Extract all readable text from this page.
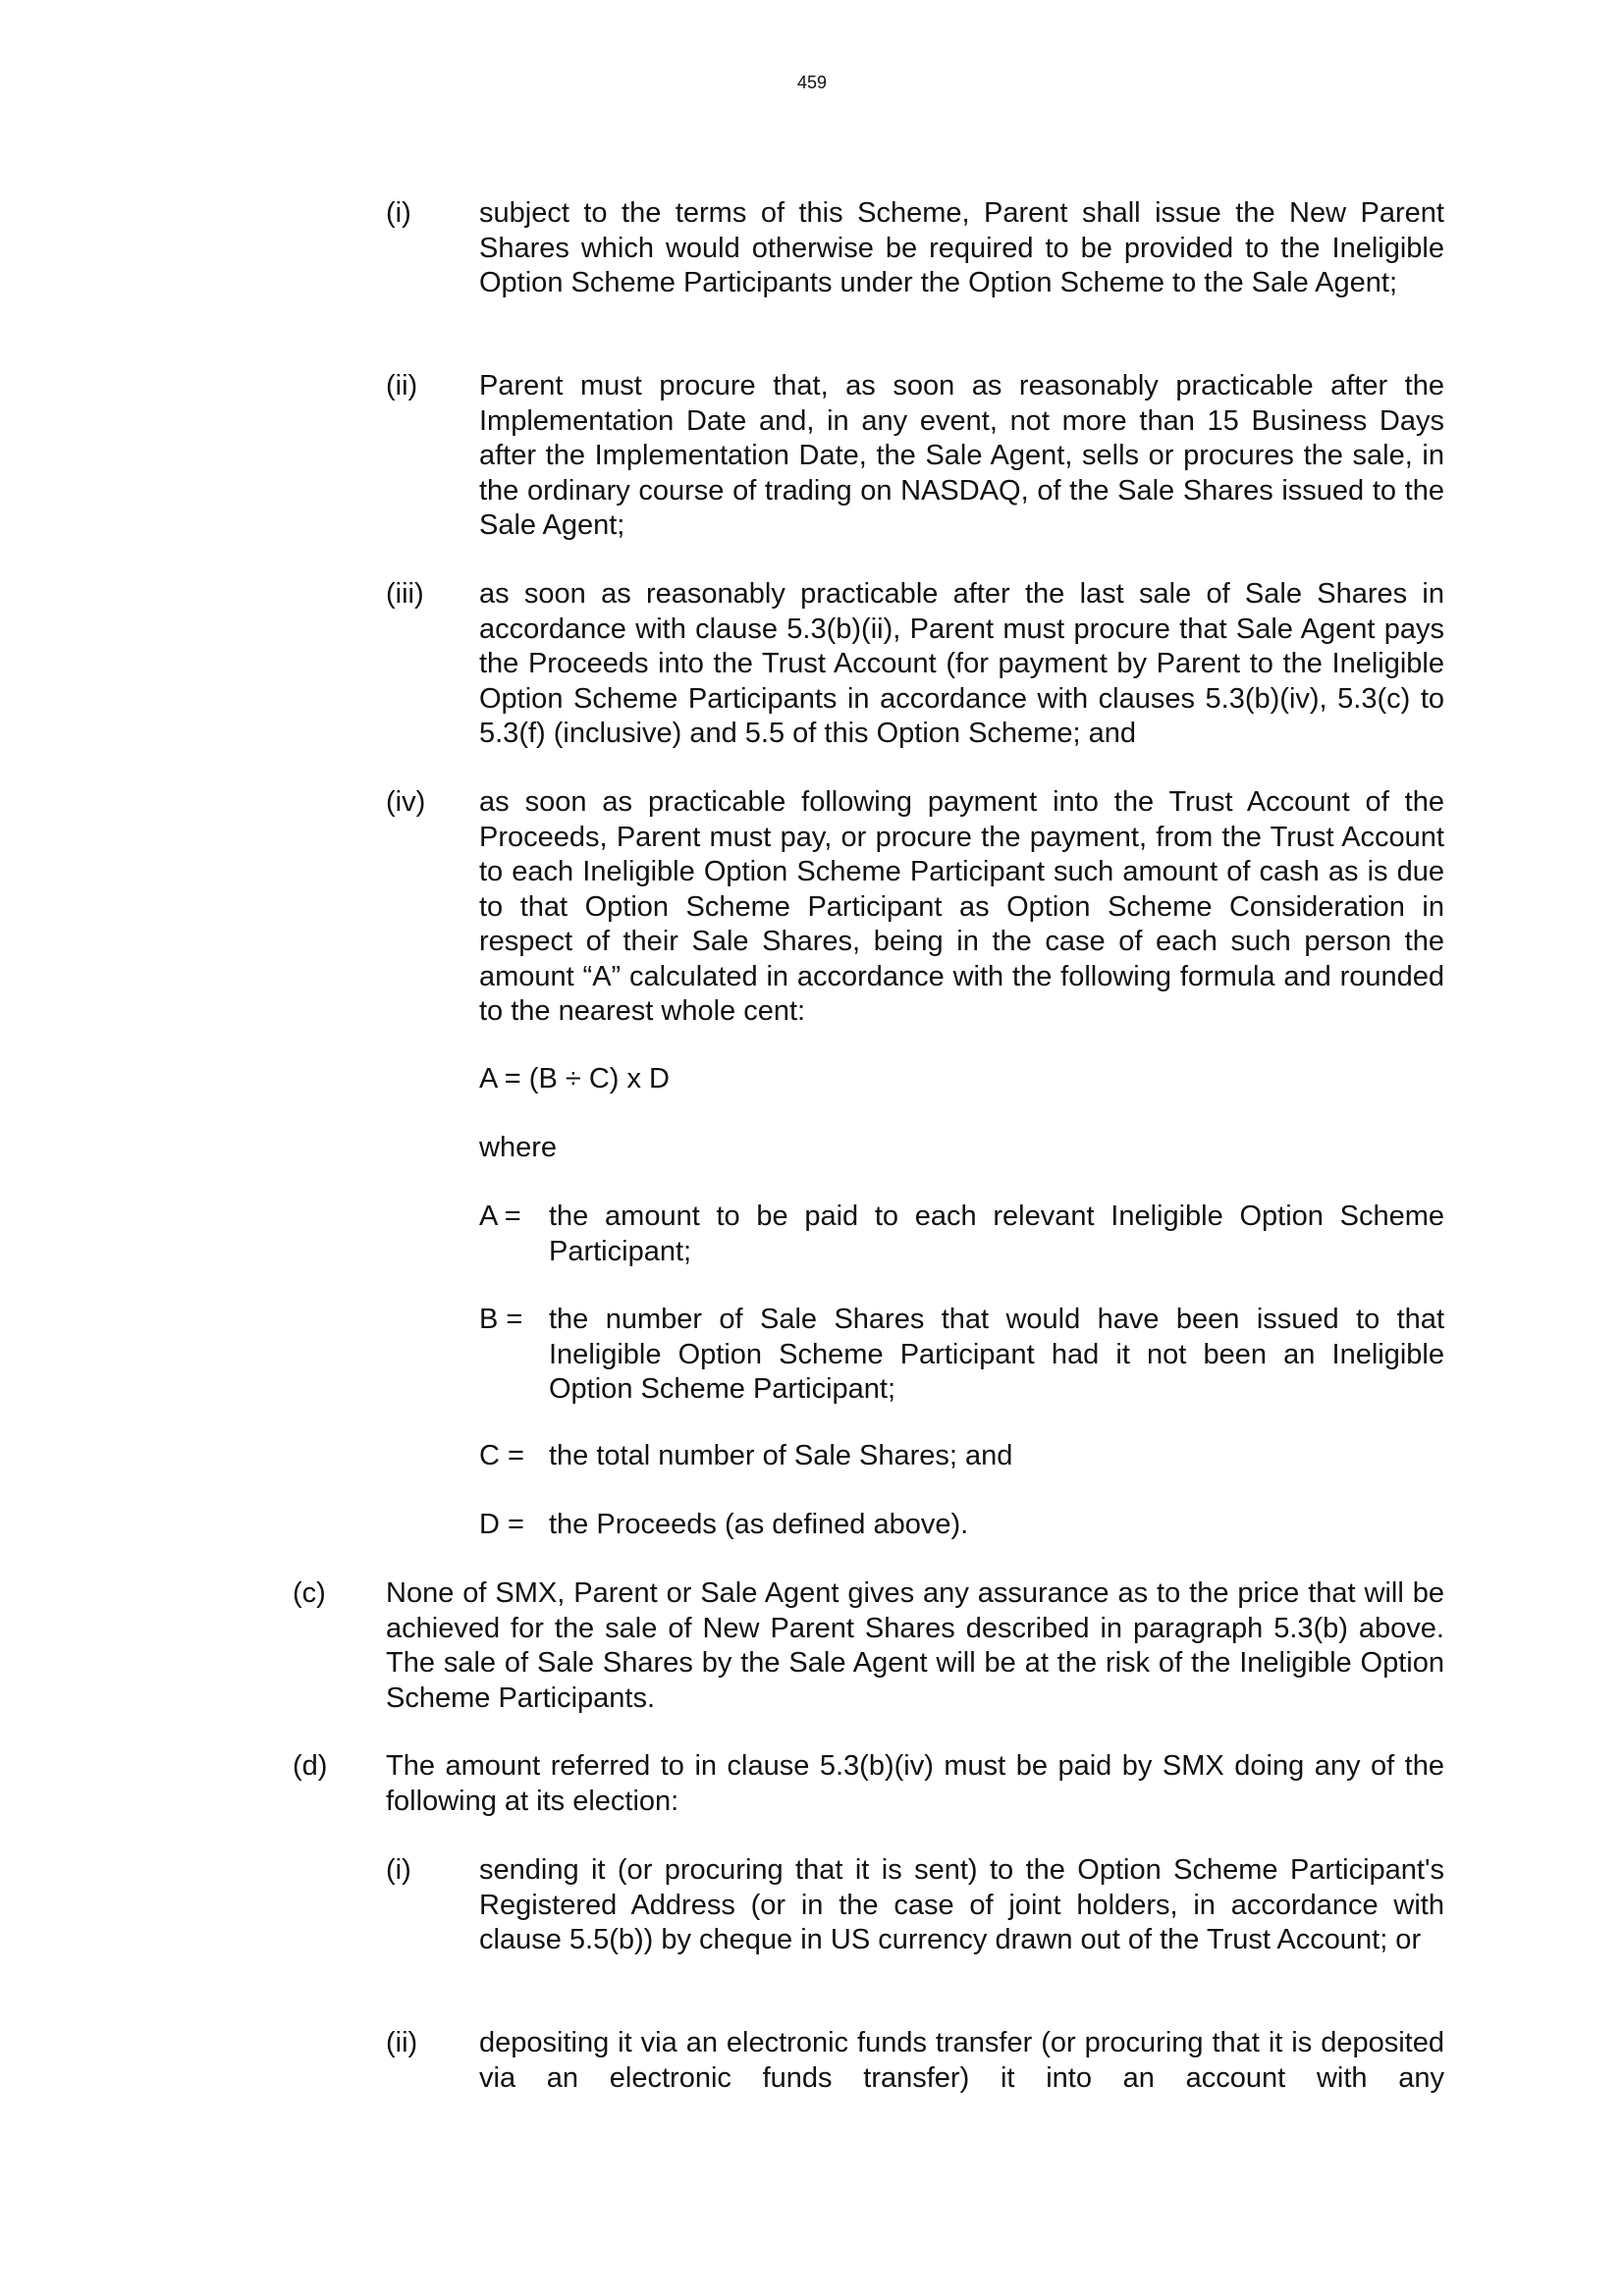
459
(i) subject to the terms of this Scheme, Parent shall issue the New Parent Shares which would otherwise be required to be provided to the Ineligible Option Scheme Participants under the Option Scheme to the Sale Agent;
(ii) Parent must procure that, as soon as reasonably practicable after the Implementation Date and, in any event, not more than 15 Business Days after the Implementation Date, the Sale Agent, sells or procures the sale, in the ordinary course of trading on NASDAQ, of the Sale Shares issued to the Sale Agent;
(iii) as soon as reasonably practicable after the last sale of Sale Shares in accordance with clause 5.3(b)(ii), Parent must procure that Sale Agent pays the Proceeds into the Trust Account (for payment by Parent to the Ineligible Option Scheme Participants in accordance with clauses 5.3(b)(iv), 5.3(c) to 5.3(f) (inclusive) and 5.5 of this Option Scheme; and
(iv) as soon as practicable following payment into the Trust Account of the Proceeds, Parent must pay, or procure the payment, from the Trust Account to each Ineligible Option Scheme Participant such amount of cash as is due to that Option Scheme Participant as Option Scheme Consideration in respect of their Sale Shares, being in the case of each such person the amount “A” calculated in accordance with the following formula and rounded to the nearest whole cent:
A = (B ÷ C) x D
where
A = the amount to be paid to each relevant Ineligible Option Scheme Participant;
B = the number of Sale Shares that would have been issued to that Ineligible Option Scheme Participant had it not been an Ineligible Option Scheme Participant;
C = the total number of Sale Shares; and
D = the Proceeds (as defined above).
(c) None of SMX, Parent or Sale Agent gives any assurance as to the price that will be achieved for the sale of New Parent Shares described in paragraph 5.3(b) above. The sale of Sale Shares by the Sale Agent will be at the risk of the Ineligible Option Scheme Participants.
(d) The amount referred to in clause 5.3(b)(iv) must be paid by SMX doing any of the following at its election:
(i) sending it (or procuring that it is sent) to the Option Scheme Participant's Registered Address (or in the case of joint holders, in accordance with clause 5.5(b)) by cheque in US currency drawn out of the Trust Account; or
(ii) depositing it via an electronic funds transfer (or procuring that it is deposited via an electronic funds transfer) it into an account with any
